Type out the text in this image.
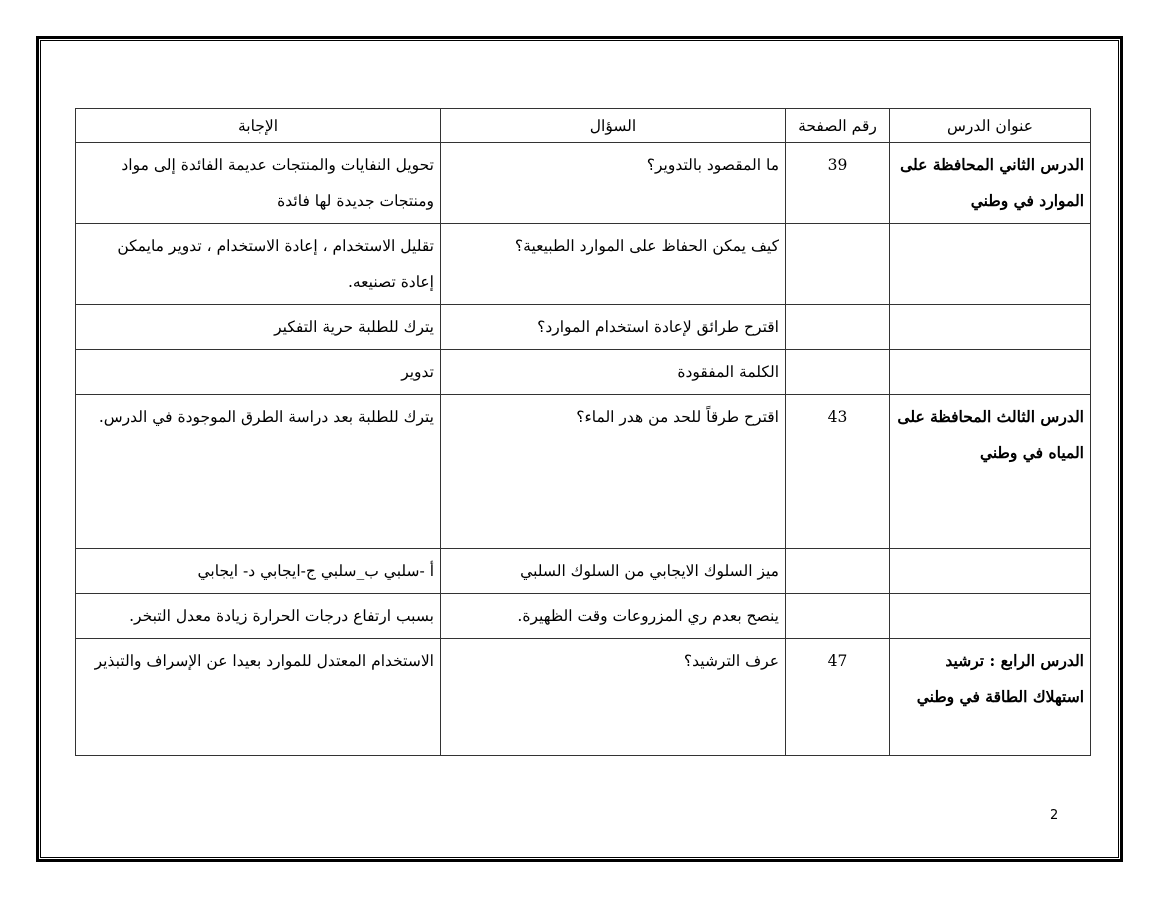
عنوان الدرس	رقم الصفحة	السؤال	الإجابة
الدرس الثاني المحافظة على الموارد في وطني	39	ما المقصود بالتدوير؟	تحويل النفايات والمنتجات عديمة الفائدة إلى مواد ومنتجات جديدة لها فائدة
		كيف يمكن الحفاظ على الموارد الطبيعية؟	تقليل الاستخدام ، إعادة الاستخدام ، تدوير مايمكن إعادة تصنيعه.
		اقترح طرائق لإعادة استخدام الموارد؟	يترك للطلبة حرية التفكير
		الكلمة المفقودة	تدوير
الدرس الثالث المحافظة على المياه في وطني	43	اقترح طرقاً للحد من هدر الماء؟	يترك للطلبة بعد دراسة الطرق الموجودة في الدرس.
		ميز السلوك الايجابي من السلوك السلبي	أ -سلبي ب_سلبي ج-ايجابي د- ايجابي
		ينصح بعدم ري المزروعات وقت الظهيرة.	بسبب ارتفاع درجات الحرارة زيادة معدل التبخر.
الدرس الرابع : ترشيد استهلاك الطاقة في وطني	47	عرف الترشيد؟	الاستخدام المعتدل للموارد بعيدا عن الإسراف والتبذير
2
